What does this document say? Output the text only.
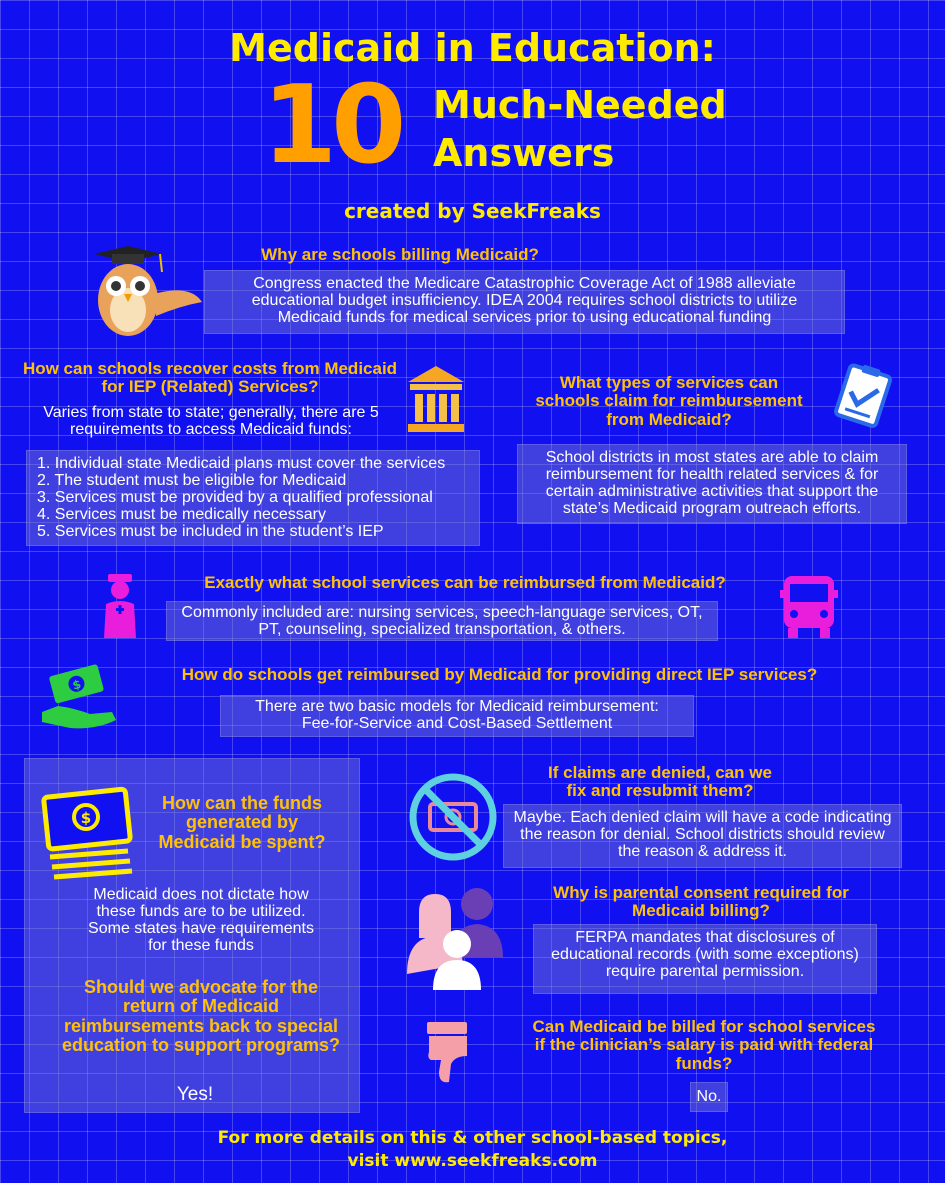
Medicaid in Education:
10 Much-Needed
Answers
created by SeekFreaks
Why are schools billing Medicaid?
Congress enacted the Medicare Catastrophic Coverage Act of 1988 alleviate educational budget insufficiency. IDEA 2004 requires school districts to utilize Medicaid funds for medical services prior to using educational funding
How can schools recover costs from Medicaid for IEP (Related) Services?
Varies from state to state; generally, there are 5 requirements to access Medicaid funds:
1. Individual state Medicaid plans must cover the services
2. The student must be eligible for Medicaid
3. Services must be provided by a qualified professional
4. Services must be medically necessary
5. Services must be included in the student’s IEP
What types of services can schools claim for reimbursement from Medicaid?
School districts in most states are able to claim reimbursement for health related services & for certain administrative activities that support the state’s Medicaid program outreach efforts.
Exactly what school services can be reimbursed from Medicaid?
Commonly included are: nursing services, speech-language services, OT, PT, counseling, specialized transportation, & others.
$
How do schools get reimbursed by Medicaid for providing direct IEP services?
There are two basic models for Medicaid reimbursement:
Fee-for-Service and Cost-Based Settlement
$
How can the funds generated by Medicaid be spent?
Medicaid does not dictate how these funds are to be utilized. Some states have requirements for these funds
Should we advocate for the return of Medicaid reimbursements back to special education to support programs?
Yes!
If claims are denied, can we fix and resubmit them?
Maybe. Each denied claim will have a code indicating the reason for denial. School districts should review the reason & address it.
Why is parental consent required for Medicaid billing?
FERPA mandates that disclosures of educational records (with some exceptions) require parental permission.
Can Medicaid be billed for school services if the clinician’s salary is paid with federal funds?
No.
For more details on this & other school-based topics,
visit www.seekfreaks.com
